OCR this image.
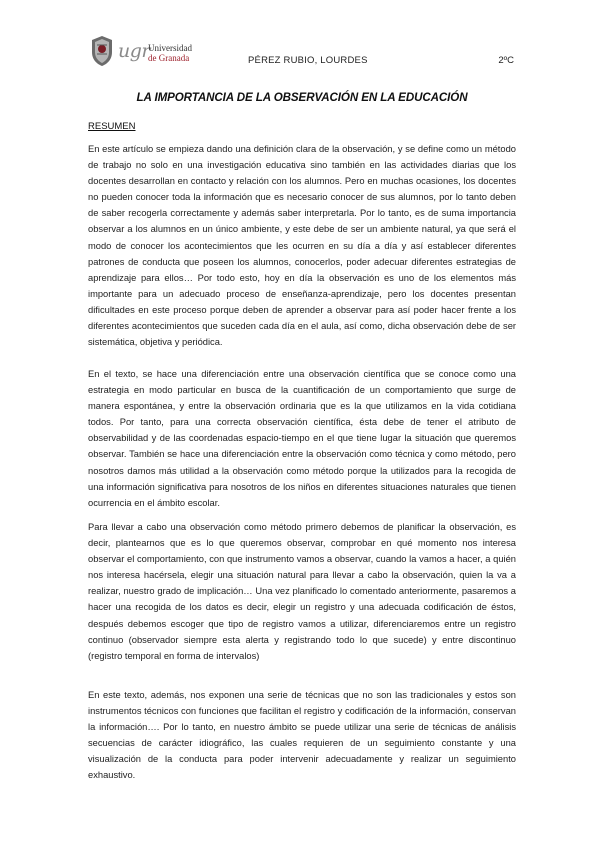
ugr
Universidad
de Granada	PÉREZ RUBIO, LOURDES	2ºC
LA IMPORTANCIA DE LA OBSERVACIÓN EN LA EDUCACIÓN
RESUMEN

En este artículo se empieza dando una definición clara de la observación, y se define como un método de trabajo no solo en una investigación educativa sino también en las actividades diarias que los docentes desarrollan en contacto y relación con los alumnos. Pero en muchas ocasiones, los docentes no pueden conocer toda la información que es necesario conocer de sus alumnos, por lo tanto deben de saber recogerla correctamente y además saber interpretarla. Por lo tanto, es de suma importancia observar a los alumnos en un único ambiente, y este debe de ser un ambiente natural, ya que será el modo de conocer los acontecimientos que les ocurren en su día a día y así establecer diferentes patrones de conducta que poseen los alumnos, conocerlos, poder adecuar diferentes estrategias de aprendizaje para ellos… Por todo esto, hoy en día la observación es uno de los elementos más importante para un adecuado proceso de enseñanza-aprendizaje, pero los docentes presentan dificultades en este proceso porque deben de aprender a observar para así poder hacer frente a los diferentes acontecimientos que suceden cada día en el aula, así como, dicha observación debe de ser sistemática, objetiva y periódica.

En el texto, se hace una diferenciación entre una observación científica que se conoce como una estrategia en modo particular en busca de la cuantificación de un comportamiento que surge de manera espontánea, y entre la observación ordinaria que es la que utilizamos en la vida cotidiana todos. Por tanto, para una correcta observación científica, ésta debe de tener el atributo de observabilidad y de las coordenadas espacio-tiempo en el que tiene lugar la situación que queremos observar. También se hace una diferenciación entre la observación como técnica y como método, pero nosotros damos más utilidad a la observación como método porque la utilizados para la recogida de una información significativa para nosotros de los niños en diferentes situaciones naturales que tienen ocurrencia en el ámbito escolar.

Para llevar a cabo una observación como método primero debemos de planificar la observación, es decir, plantearnos que es lo que queremos observar, comprobar en qué momento nos interesa observar el comportamiento, con que instrumento vamos a observar, cuando la vamos a hacer, a quién nos interesa hacérsela, elegir una situación natural para llevar a cabo la observación, quien la va a realizar, nuestro grado de implicación… Una vez planificado lo comentado anteriormente, pasaremos a hacer una recogida de los datos es decir, elegir un registro y una adecuada codificación de éstos, después debemos escoger que tipo de registro vamos a utilizar, diferenciaremos entre un registro continuo (observador siempre esta alerta y registrando todo lo que sucede) y entre discontinuo (registro temporal en forma de intervalos)

En este texto, además, nos exponen una serie de técnicas que no son las tradicionales y estos son instrumentos técnicos con funciones que facilitan el registro y codificación de la información, conservan la información…. Por lo tanto, en nuestro ámbito se puede utilizar una serie de técnicas de análisis secuencias de carácter idiográfico, las cuales requieren de un seguimiento constante y una visualización de la conducta para poder intervenir adecuadamente y realizar un seguimiento exhaustivo.
